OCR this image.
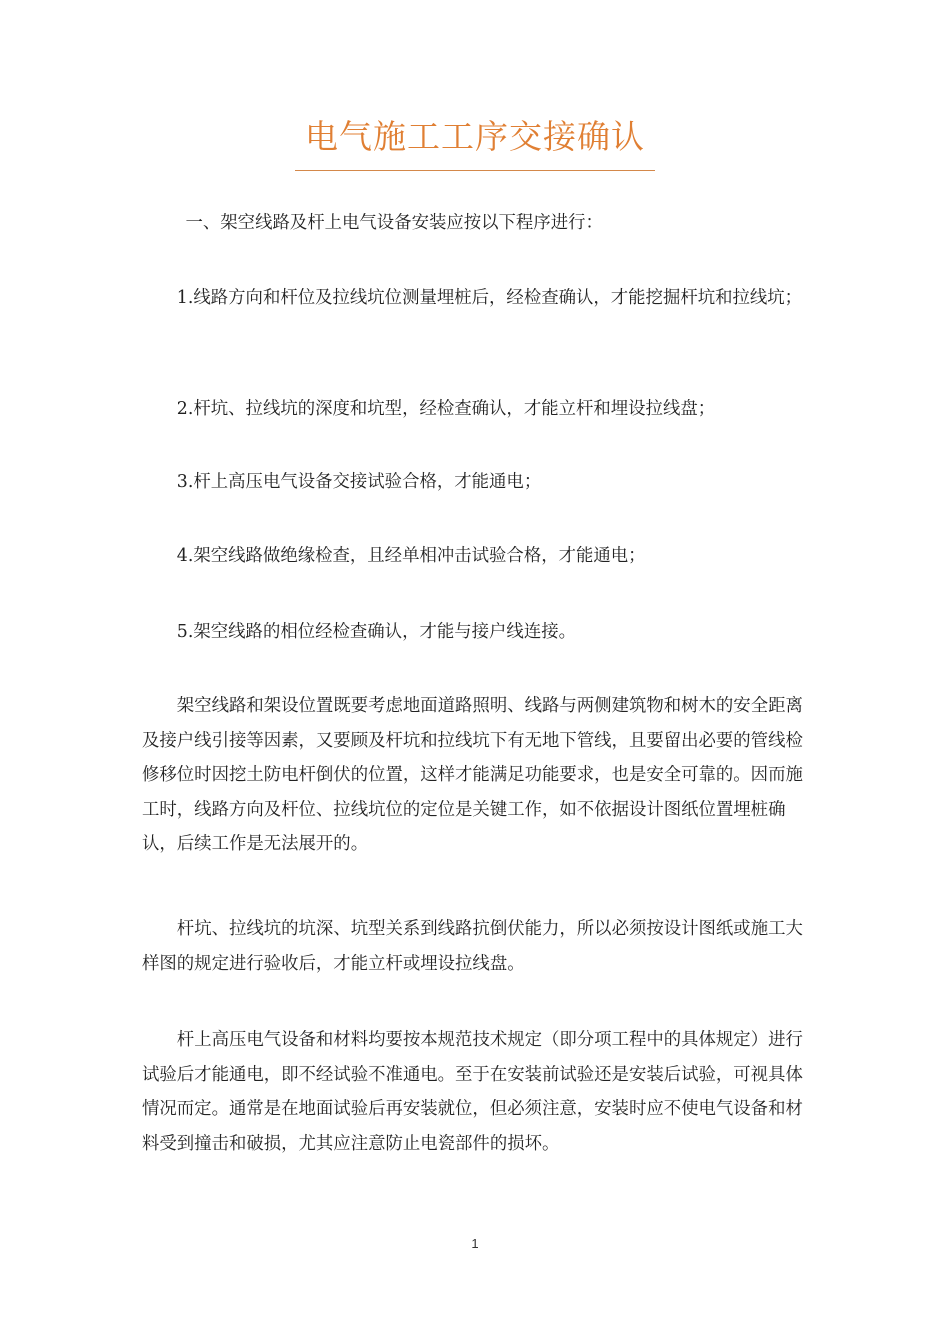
电气施工工序交接确认

一、架空线路及杆上电气设备安装应按以下程序进行：

1.线路方向和杆位及拉线坑位测量埋桩后，经检查确认，才能挖掘杆坑和拉线坑；

2.杆坑、拉线坑的深度和坑型，经检查确认，才能立杆和埋设拉线盘；

3.杆上高压电气设备交接试验合格，才能通电；

4.架空线路做绝缘检查，且经单相冲击试验合格，才能通电；

5.架空线路的相位经检查确认，才能与接户线连接。

架空线路和架设位置既要考虑地面道路照明、线路与两侧建筑物和树木的安全距离及接户线引接等因素，又要顾及杆坑和拉线坑下有无地下管线，且要留出必要的管线检修移位时因挖土防电杆倒伏的位置，这样才能满足功能要求，也是安全可靠的。因而施工时，线路方向及杆位、拉线坑位的定位是关键工作，如不依据设计图纸位置埋桩确认，后续工作是无法展开的。

杆坑、拉线坑的坑深、坑型关系到线路抗倒伏能力，所以必须按设计图纸或施工大样图的规定进行验收后，才能立杆或埋设拉线盘。

杆上高压电气设备和材料均要按本规范技术规定（即分项工程中的具体规定）进行试验后才能通电，即不经试验不准通电。至于在安装前试验还是安装后试验，可视具体情况而定。通常是在地面试验后再安装就位，但必须注意，安装时应不使电气设备和材料受到撞击和破损，尤其应注意防止电瓷部件的损坏。

1
